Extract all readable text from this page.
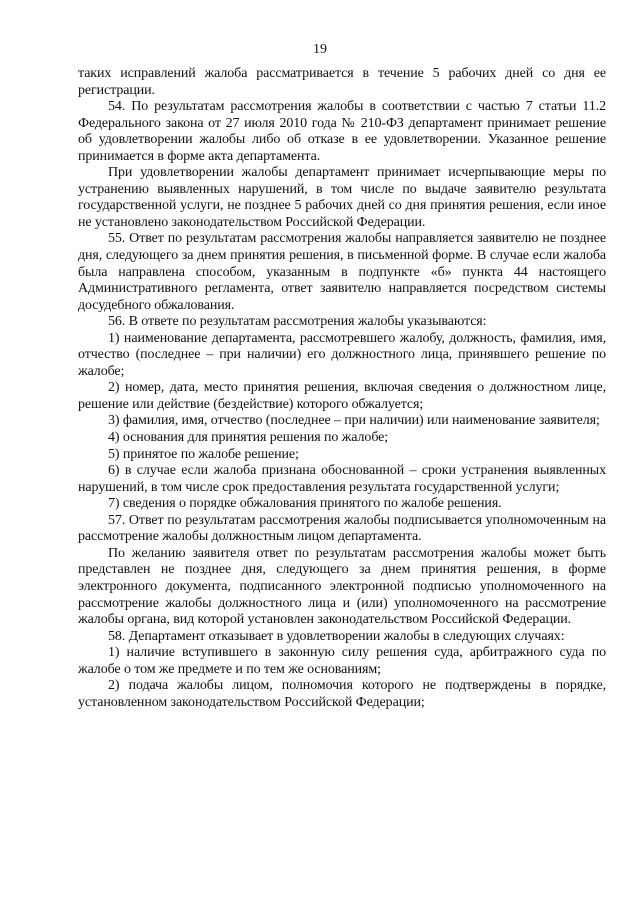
19

таких исправлений жалоба рассматривается в течение 5 рабочих дней со дня ее регистрации.

54. По результатам рассмотрения жалобы в соответствии с частью 7 статьи 11.2 Федерального закона от 27 июля 2010 года № 210-ФЗ департамент принимает решение об удовлетворении жалобы либо об отказе в ее удовлетворении. Указанное решение принимается в форме акта департамента.

При удовлетворении жалобы департамент принимает исчерпывающие меры по устранению выявленных нарушений, в том числе по выдаче заявителю результата государственной услуги, не позднее 5 рабочих дней со дня принятия решения, если иное не установлено законодательством Российской Федерации.

55. Ответ по результатам рассмотрения жалобы направляется заявителю не позднее дня, следующего за днем принятия решения, в письменной форме. В случае если жалоба была направлена способом, указанным в подпункте «б» пункта 44 настоящего Административного регламента, ответ заявителю направляется посредством системы досудебного обжалования.

56. В ответе по результатам рассмотрения жалобы указываются:

1) наименование департамента, рассмотревшего жалобу, должность, фамилия, имя, отчество (последнее – при наличии) его должностного лица, принявшего решение по жалобе;

2) номер, дата, место принятия решения, включая сведения о должностном лице, решение или действие (бездействие) которого обжалуется;

3) фамилия, имя, отчество (последнее – при наличии) или наименование заявителя;

4) основания для принятия решения по жалобе;

5) принятое по жалобе решение;

6) в случае если жалоба признана обоснованной – сроки устранения выявленных нарушений, в том числе срок предоставления результата государственной услуги;

7) сведения о порядке обжалования принятого по жалобе решения.

57. Ответ по результатам рассмотрения жалобы подписывается уполномоченным на рассмотрение жалобы должностным лицом департамента.

По желанию заявителя ответ по результатам рассмотрения жалобы может быть представлен не позднее дня, следующего за днем принятия решения, в форме электронного документа, подписанного электронной подписью уполномоченного на рассмотрение жалобы должностного лица и (или) уполномоченного на рассмотрение жалобы органа, вид которой установлен законодательством Российской Федерации.

58. Департамент отказывает в удовлетворении жалобы в следующих случаях:

1) наличие вступившего в законную силу решения суда, арбитражного суда по жалобе о том же предмете и по тем же основаниям;

2) подача жалобы лицом, полномочия которого не подтверждены в порядке, установленном законодательством Российской Федерации;
